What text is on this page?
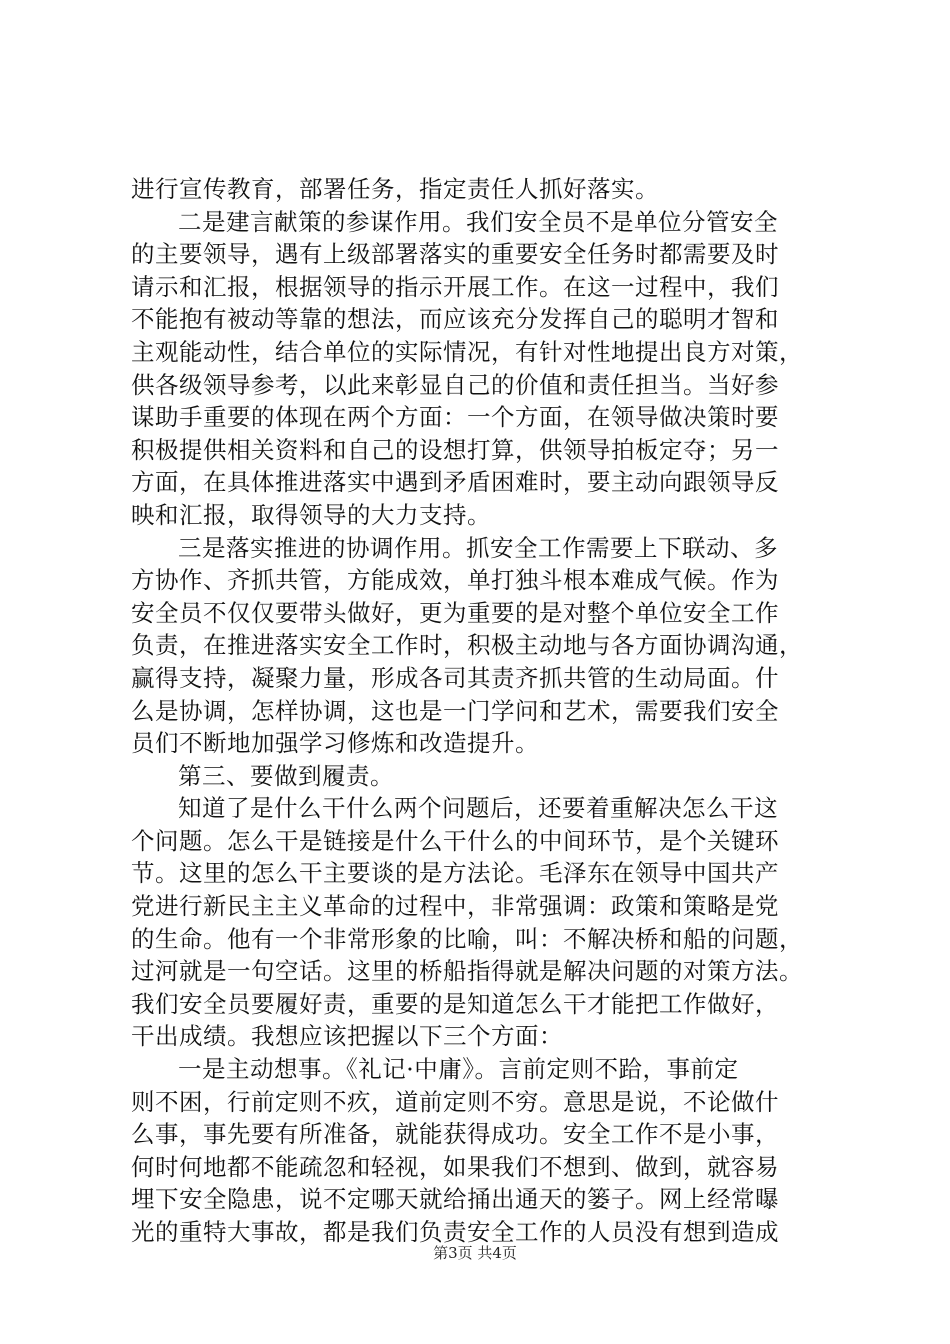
进行宣传教育，部署任务，指定责任人抓好落实。
二是建言献策的参谋作用。我们安全员不是单位分管安全
的主要领导，遇有上级部署落实的重要安全任务时都需要及时
请示和汇报，根据领导的指示开展工作。在这一过程中，我们
不能抱有被动等靠的想法，而应该充分发挥自己的聪明才智和
主观能动性，结合单位的实际情况，有针对性地提出良方对策，
供各级领导参考，以此来彰显自己的价值和责任担当。当好参
谋助手重要的体现在两个方面：一个方面，在领导做决策时要
积极提供相关资料和自己的设想打算，供领导拍板定夺；另一
方面，在具体推进落实中遇到矛盾困难时，要主动向跟领导反
映和汇报，取得领导的大力支持。
三是落实推进的协调作用。抓安全工作需要上下联动、多
方协作、齐抓共管，方能成效，单打独斗根本难成气候。作为
安全员不仅仅要带头做好，更为重要的是对整个单位安全工作
负责，在推进落实安全工作时，积极主动地与各方面协调沟通，
赢得支持，凝聚力量，形成各司其责齐抓共管的生动局面。什
么是协调，怎样协调，这也是一门学问和艺术，需要我们安全
员们不断地加强学习修炼和改造提升。
第三、要做到履责。
知道了是什么干什么两个问题后，还要着重解决怎么干这
个问题。怎么干是链接是什么干什么的中间环节，是个关键环
节。这里的怎么干主要谈的是方法论。毛泽东在领导中国共产
党进行新民主主义革命的过程中，非常强调：政策和策略是党
的生命。他有一个非常形象的比喻，叫：不解决桥和船的问题，
过河就是一句空话。这里的桥船指得就是解决问题的对策方法。
我们安全员要履好责，重要的是知道怎么干才能把工作做好，
干出成绩。我想应该把握以下三个方面：
一是主动想事。《礼记·中庸》。言前定则不跲，事前定
则不困，行前定则不疚，道前定则不穷。意思是说，不论做什
么事，事先要有所准备，就能获得成功。安全工作不是小事，
何时何地都不能疏忽和轻视，如果我们不想到、做到，就容易
埋下安全隐患，说不定哪天就给捅出通天的篓子。网上经常曝
光的重特大事故，都是我们负责安全工作的人员没有想到造成
第3页 共4页
